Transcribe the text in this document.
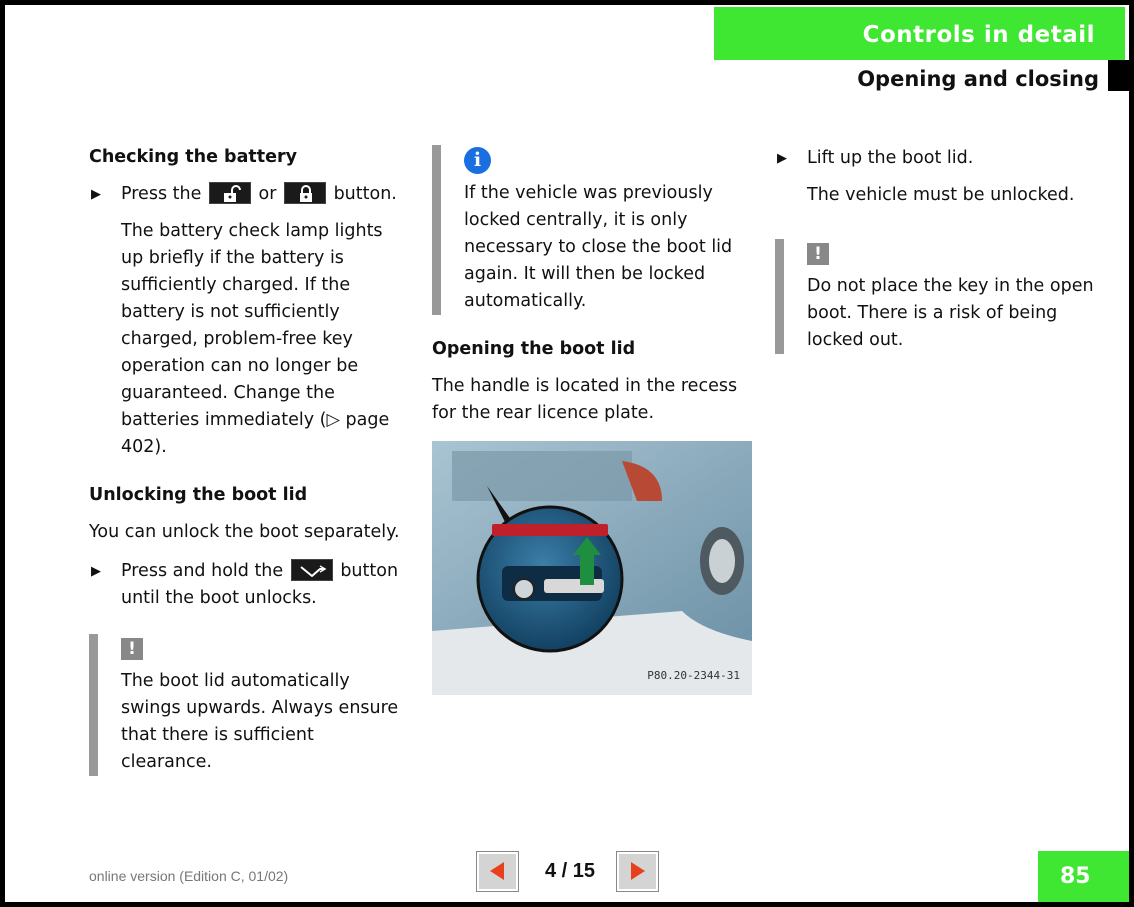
Controls in detail
Opening and closing
Checking the battery
▶ Press the	or	button.

The battery check lamp lights up briefly if the battery is sufficiently charged. If the battery is not sufficiently charged, problem-free key operation can no longer be guaranteed. Change the batteries immediately (▷ page 402).

Unlocking the boot lid

You can unlock the boot separately.

▶ Press and hold the	button until the boot unlocks.
!

The boot lid automatically swings upwards. Always ensure that there is sufficient clearance.

i

If the vehicle was previously locked centrally, it is only necessary to close the boot lid again. It will then be locked automatically.

Opening the boot lid

The handle is located in the recess for the rear licence plate.

P80.20-2344-31
▶ Lift up the boot lid.

The vehicle must be unlocked.

!

Do not place the key in the open boot. There is a risk of being locked out.

online version (Edition C, 01/02)	4 / 15	85
